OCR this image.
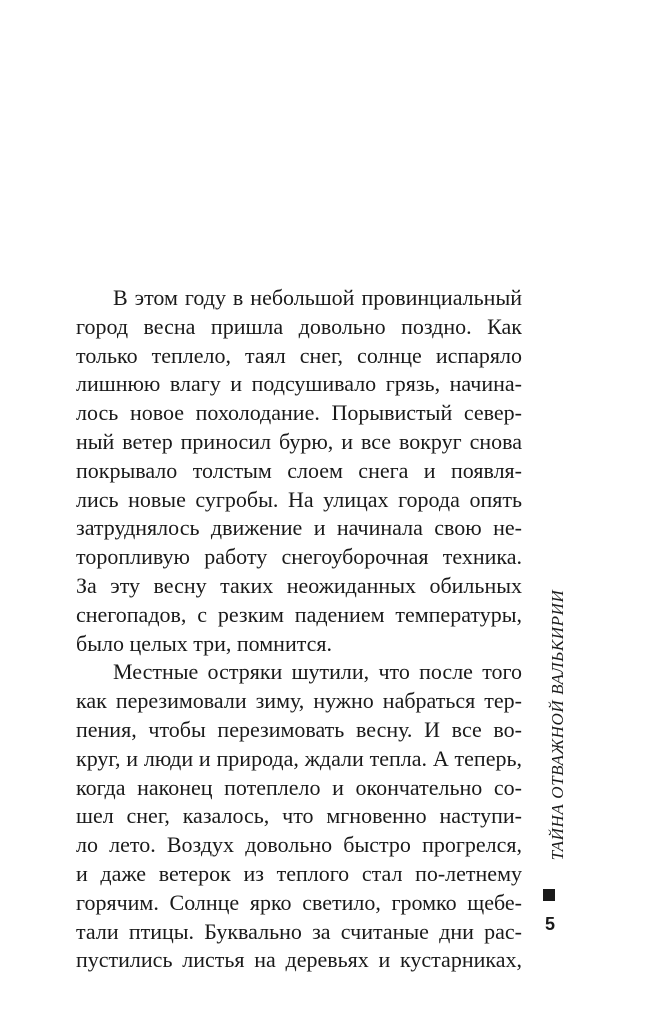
В этом году в небольшой провинциальный
город весна пришла довольно поздно. Как
только теплело, таял снег, солнце испаряло
лишнюю влагу и подсушивало грязь, начина-
лось новое похолодание. Порывистый север-
ный ветер приносил бурю, и все вокруг снова
покрывало толстым слоем снега и появля-
лись новые сугробы. На улицах города опять
затруднялось движение и начинала свою не-
торопливую работу снегоуборочная техника.
За эту весну таких неожиданных обильных
снегопадов, с резким падением температуры,
было целых три, помнится.
Местные остряки шутили, что после того
как перезимовали зиму, нужно набраться тер-
пения, чтобы перезимовать весну. И все во-
круг, и люди и природа, ждали тепла. А теперь,
когда наконец потеплело и окончательно со-
шел снег, казалось, что мгновенно наступи-
ло лето. Воздух довольно быстро прогрелся,
и даже ветерок из теплого стал по-летнему
горячим. Солнце ярко светило, громко щебе-
тали птицы. Буквально за считаные дни рас-
пустились листья на деревьях и кустарниках,
ТАЙНА ОТВАЖНОЙ ВАЛЬКИРИИ
5
